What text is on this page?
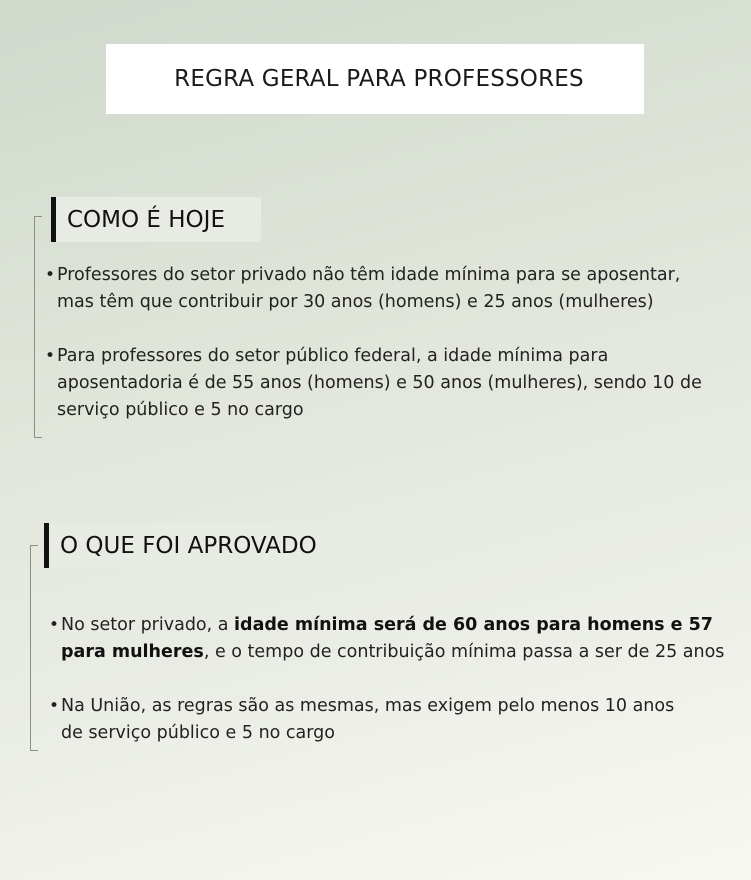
REGRA GERAL PARA PROFESSORES
COMO É HOJE
• Professores do setor privado não têm idade mínima para se aposentar,

mas têm que contribuir por 30 anos (homens) e 25 anos (mulheres)

• Para professores do setor público federal, a idade mínima para

aposentadoria é de 55 anos (homens) e 50 anos (mulheres), sendo 10 de

serviço público e 5 no cargo

O QUE FOI APROVADO
• No setor privado, a idade mínima será de 60 anos para homens e 57

para mulheres, e o tempo de contribuição mínima passa a ser de 25 anos

• Na União, as regras são as mesmas, mas exigem pelo menos 10 anos

de serviço público e 5 no cargo
